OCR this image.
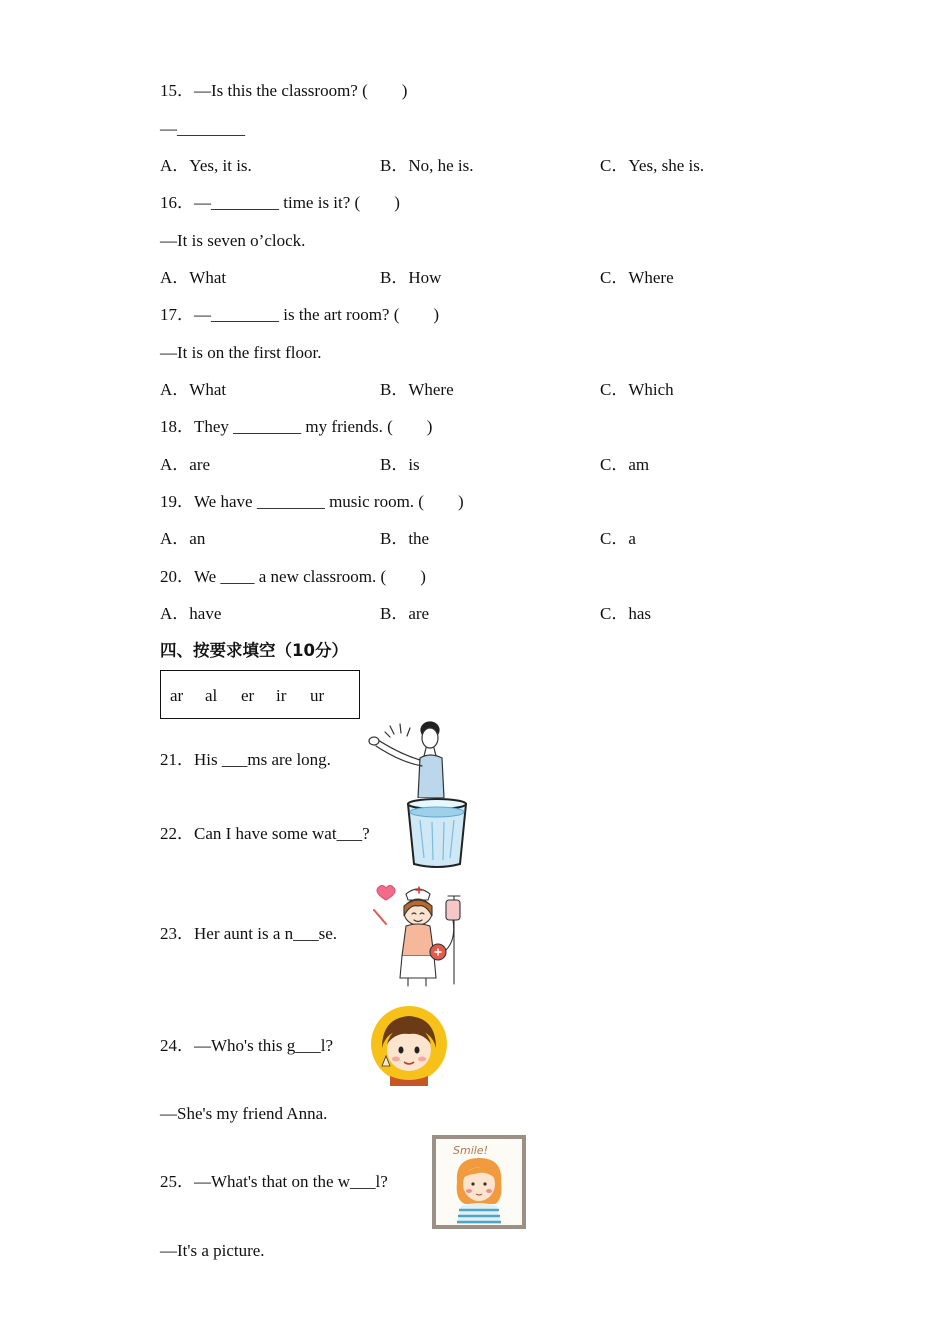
15．—Is this the classroom? (　　)
—________
A．Yes, it is.	B．No, he is.	C．Yes, she is.
16．—________ time is it? (　　)
—It is seven o’clock.
A．What	B．How	C．Where
17．—________ is the art room? (　　)
—It is on the first floor.
A．What	B．Where	C．Which
18．They ________ my friends. (　　)
A．are	B．is	C．am
19．We have ________ music room. (　　)
A．an	B．the	C．a
20．We ____ a new classroom. (　　)
A．have	B．are	C．has
四、按要求填空（10分）
ar al er ir ur
21．His ___ms are long.
22．Can I have some wat___?
23．Her aunt is a n___se.
24．—Who's this g___l?
—She's my friend Anna.
25．—What's that on the w___l?
Smile!
—It's a picture.
